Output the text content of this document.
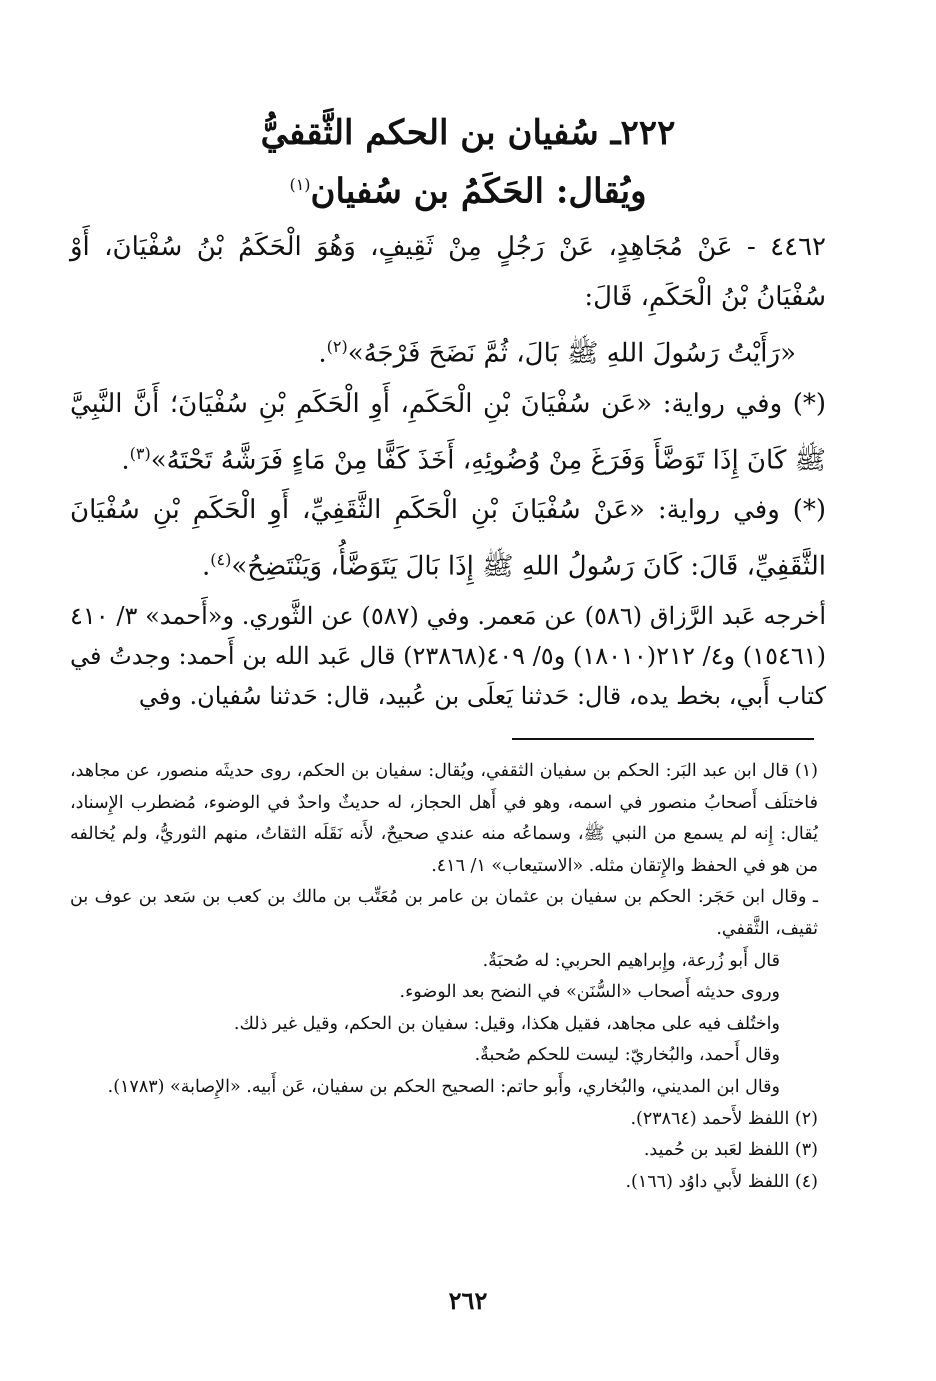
٢٢٢ـ سُفيان بن الحكم الثَّقفيُّ
ويُقال: الحَكَمُ بن سُفيان$^{(١)}$

٤٤٦٢ - عَنْ مُجَاهِدٍ، عَنْ رَجُلٍ مِنْ ثَقِيفٍ، وَهُوَ الْحَكَمُ بْنُ سُفْيَانَ، أَوْ سُفْيَانُ بْنُ الْحَكَمِ، قَالَ:

«رَأَيْتُ رَسُولَ اللهِ ﷺ بَالَ، ثُمَّ نَضَحَ فَرْجَهُ»$^{(٢)}$.

(*) وفي رواية: «عَن سُفْيَانَ بْنِ الْحَكَمِ، أَوِ الْحَكَمِ بْنِ سُفْيَانَ؛ أَنَّ النَّبِيَّ ﷺ كَانَ إِذَا تَوَضَّأَ وَفَرَغَ مِنْ وُضُوئِهِ، أَخَذَ كَفًّا مِنْ مَاءٍ فَرَشَّهُ تَحْتَهُ»$^{(٣)}$.

(*) وفي رواية: «عَنْ سُفْيَانَ بْنِ الْحَكَمِ الثَّقَفِيِّ، أَوِ الْحَكَمِ بْنِ سُفْيَانَ الثَّقَفِيِّ، قَالَ: كَانَ رَسُولُ اللهِ ﷺ إِذَا بَالَ يَتَوَضَّأُ، وَيَنْتَضِحُ»$^{(٤)}$.

أخرجه عَبد الرَّزاق (٥٨٦) عن مَعمر. وفي (٥٨٧) عن الثَّوري. و«أَحمد» ٣/ ٤١٠ (١٥٤٦١) و٤/ ٢١٢(١٨٠١٠) و٥/ ٤٠٩(٢٣٨٦٨) قال عَبد الله بن أَحمد: وجدتُ في كتاب أَبي، بخط يده، قال: حَدثنا يَعلَى بن عُبيد، قال: حَدثنا سُفيان. وفي

(١) قال ابن عبد البَر: الحكم بن سفيان الثقفي، ويُقال: سفيان بن الحكم، روى حديثَه منصور، عن مجاهد، فاختلَف أَصحابُ منصور في اسمه، وهو في أَهل الحجاز، له حديثٌ واحدٌ في الوضوء، مُضطرب الإِسناد، يُقال: إِنه لم يسمع من النبي ﷺ، وسماعُه منه عندي صحيحٌ، لأَنه نَقَلَه الثقاتُ، منهم الثوريُّ، ولم يُخالفه من هو في الحفظ والإِتقان مثله. «الاستيعاب» ١/ ٤١٦.

ـ وقال ابن حَجَر: الحكم بن سفيان بن عثمان بن عامر بن مُعَتِّب بن مالك بن كعب بن سَعد بن عوف بن ثقيف، الثَّقفي.

قال أَبو زُرعة، وإِبراهيم الحربي: له صُحبَةٌ.

وروى حديثه أَصحاب «السُّنَن» في النضح بعد الوضوء.

واختُلف فيه على مجاهد، فقيل هكذا، وقيل: سفيان بن الحكم، وقيل غير ذلك.

وقال أَحمد، والبُخاريّ: ليست للحكم صُحبةٌ.

وقال ابن المديني، والبُخاري، وأَبو حاتم: الصحيح الحكم بن سفيان، عَن أَبيه. «الإِصابة» (١٧٨٣).

(٢) اللفظ لأَحمد (٢٣٨٦٤).

(٣) اللفظ لعَبد بن حُميد.

(٤) اللفظ لأَبي داوُد (١٦٦).

٢٦٢
